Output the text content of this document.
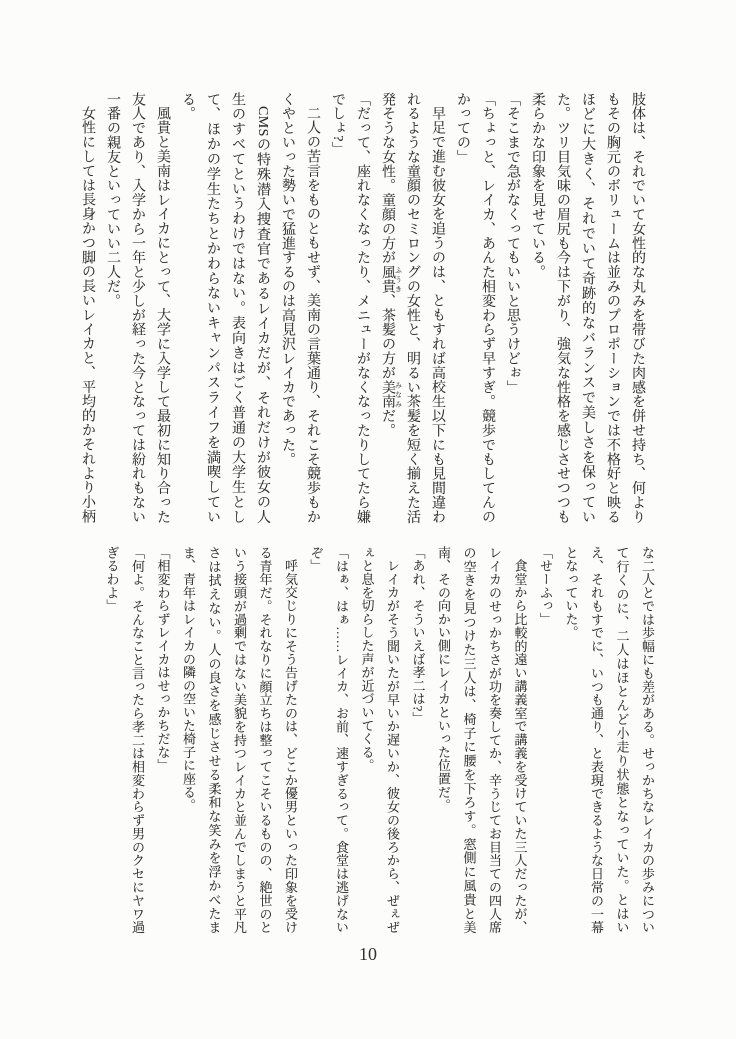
肢体は、それでいて女性的な丸みを帯びた肉感を併せ持ち、何よりもその胸元のボリュームは並みのプロポーションでは不格好と映るほどに大きく、それでいて奇跡的なバランスで美しさを保っていた。ツリ目気味の眉尻も今は下がり、強気な性格を感じさせつつも柔らかな印象を見せている。

「そこまで急がなくってもいいと思うけどぉ」

「ちょっと、レイカ、あんた相変わらず早すぎ。競歩でもしてんのかっての」

早足で進む彼女を追うのは、ともすれば高校生以下にも見間違われるような童顔のセミロングの女性と、明るい茶髪を短く揃えた活発そうな女性。童顔の方が風貴 ふうき、茶髪の方が美南 みなみだ。

「だって、座れなくなったり、メニューがなくなったりしてたら嫌でしょ?」

二人の苦言をものともせず、美南の言葉通り、それこそ競歩もかくやといった勢いで猛進するのは高見沢レイカであった。

CMSの特殊潜入捜査官であるレイカだが、それだけが彼女の人生のすべてというわけではない。表向きはごく普通の大学生として、ほかの学生たちとかわらないキャンパスライフを満喫している。

風貴と美南はレイカにとって、大学に入学して最初に知り合った友人であり、入学から一年と少しが経った今となっては紛れもない一番の親友といっていい二人だ。

女性にしては長身かつ脚の長いレイカと、平均的かそれより小柄

な二人とでは歩幅にも差がある。せっかちなレイカの歩みについて行くのに、二人はほとんど小走り状態となっていた。とはいえ、それもすでに、いつも通り、と表現できるような日常の一幕となっていた。

「せーふっ」

食堂から比較的遠い講義室で講義を受けていた三人だったが、レイカのせっかちさが功を奏してか、辛うじてお目当ての四人席の空きを見つけた三人は、椅子に腰を下ろす。窓側に風貴と美南、その向かい側にレイカといった位置だ。

「あれ、そういえば孝二は?」

レイカがそう聞いたが早いか遅いか、彼女の後ろから、ぜぇぜぇと息を切らした声が近づいてくる。

「はぁ、はぁ……レイカ、お前、速すぎるって。食堂は逃げないぞ」

呼気交じりにそう告げたのは、どこか優男といった印象を受ける青年だ。それなりに顔立ちは整ってこそいるものの、絶世のという接頭が過剰ではない美貌を持つレイカと並んでしまうと平凡さは拭えない。人の良さを感じさせる柔和な笑みを浮かべたまま、青年はレイカの隣の空いた椅子に座る。

「相変わらずレイカはせっかちだな」

「何よ。そんなこと言ったら孝二は相変わらず男のクセにヤワ過ぎるわよ」

10
